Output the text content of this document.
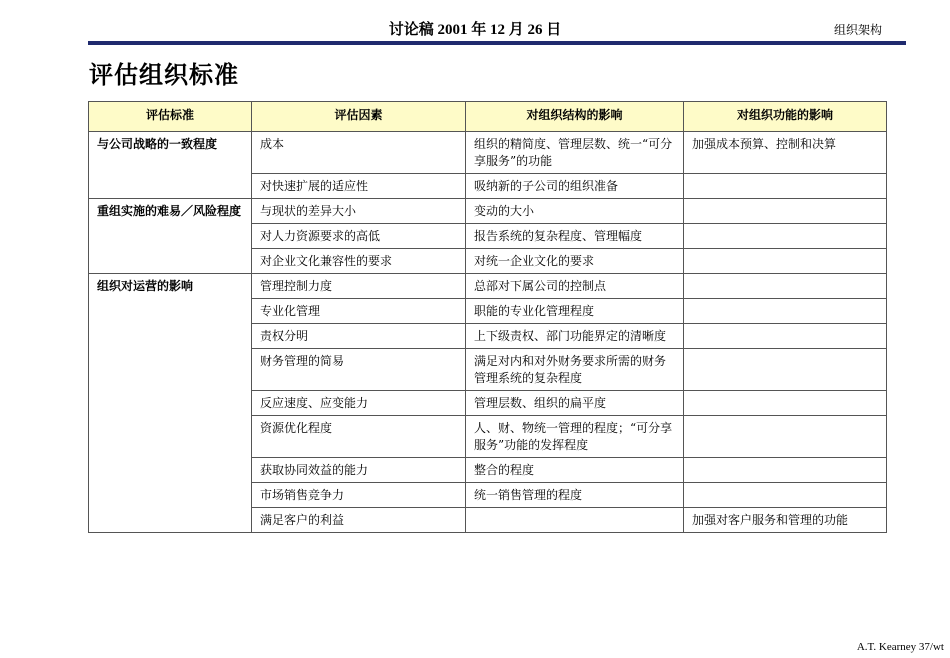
讨论稿 2001 年 12 月 26 日	组织架构
评估组织标准
评估标准	评估因素	对组织结构的影响	对组织功能的影响
与公司战略的一致程度	成本	组织的精简度、管理层数、统一“可分享服务”的功能	加强成本预算、控制和决算
	对快速扩展的适应性	吸纳新的子公司的组织准备	
重组实施的难易／风险程度	与现状的差异大小	变动的大小	
	对人力资源要求的高低	报告系统的复杂程度、管理幅度	
	对企业文化兼容性的要求	对统一企业文化的要求	
组织对运营的影响	管理控制力度	总部对下属公司的控制点	
	专业化管理	职能的专业化管理程度	
	责权分明	上下级责权、部门功能界定的清晰度	
	财务管理的简易	满足对内和对外财务要求所需的财务管理系统的复杂程度	
	反应速度、应变能力	管理层数、组织的扁平度	
	资源优化程度	人、财、物统一管理的程度；“可分享服务”功能的发挥程度	
	获取协同效益的能力	整合的程度	
	市场销售竞争力	统一销售管理的程度	
	满足客户的利益		加强对客户服务和管理的功能
A.T. Kearney 37/wt
